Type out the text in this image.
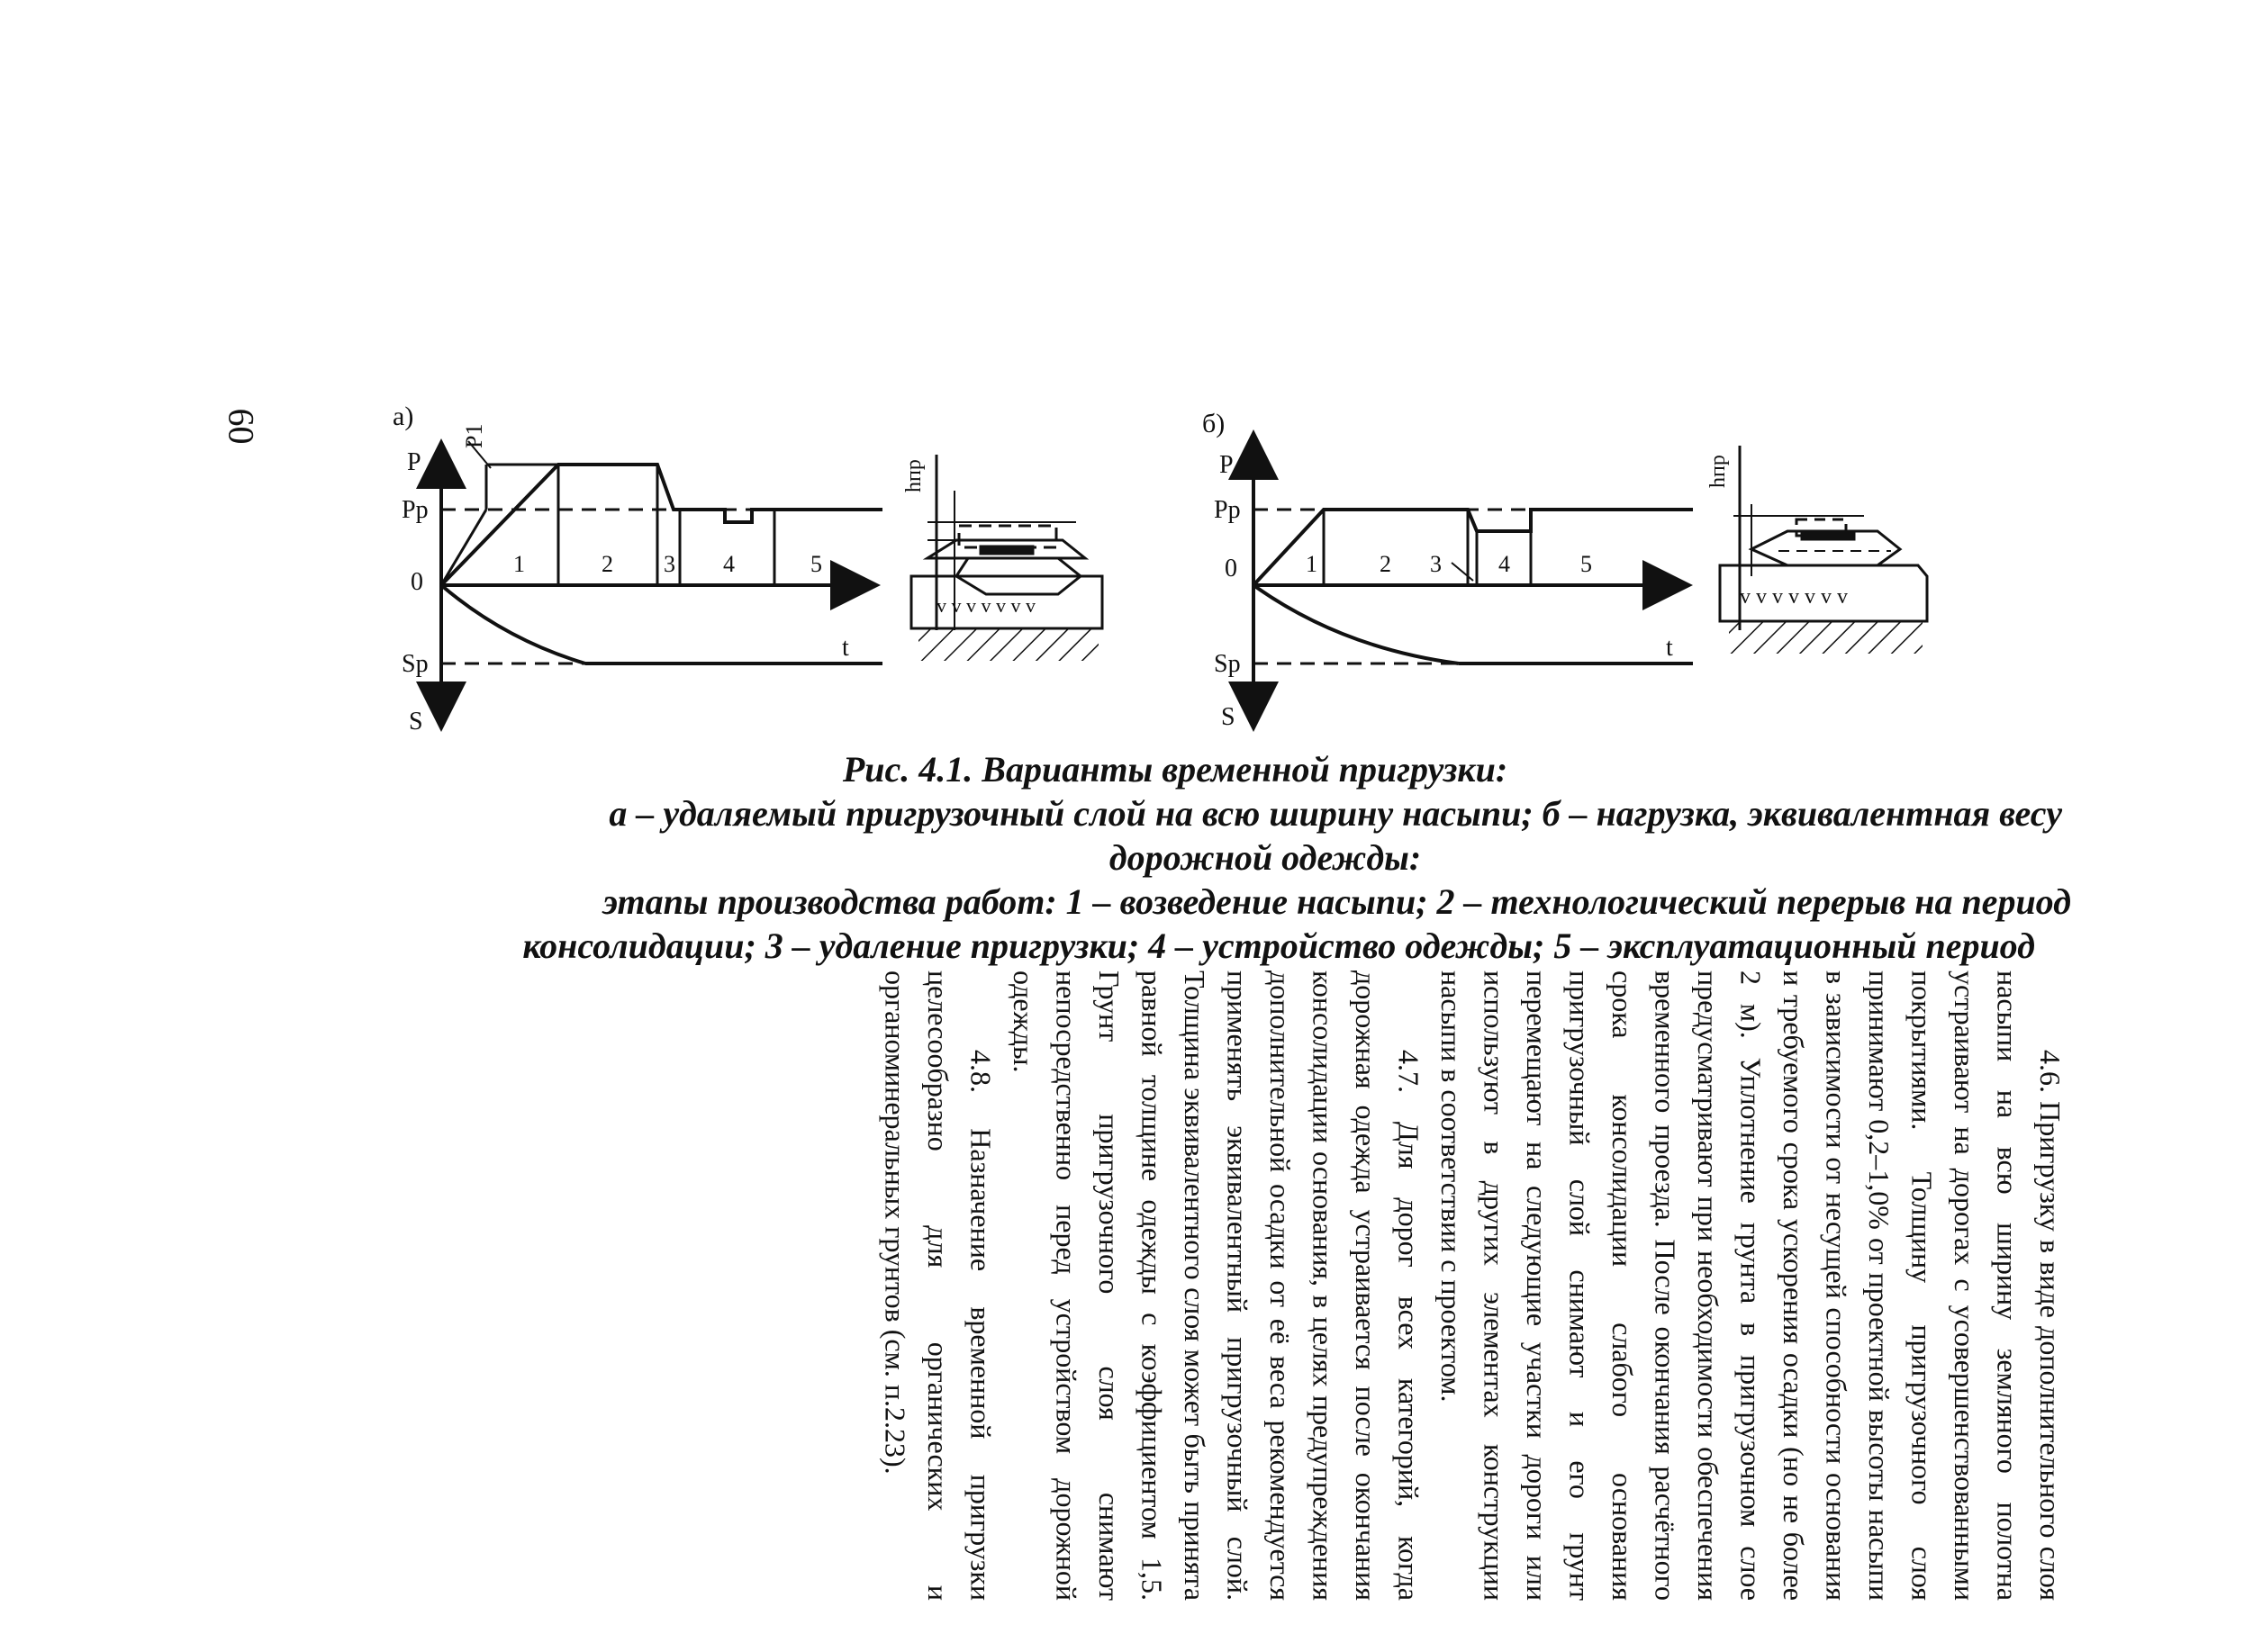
60	а)
P
P1
Pp
0
Sp
S
t
1	2 3 4	5
hпр
v v v v v v v
б)
P
Pp
0
Sp
S
t
1	2 3 4	5
hпр
v v v v v v v
Рис. 4.1. Варианты временной пригрузки:
а – удаляемый пригрузочный слой на всю ширину насыпи; б – нагрузка, эквивалентная весу
дорожной одежды:
этапы производства работ: 1 – возведение насыпи; 2 – технологический перерыв на период
консолидации; 3 – удаление пригрузки; 4 – устройство одежды; 5 – эксплуатационный период

4.6. Пригрузку в виде дополнительного слоя насыпи на всю ширину земляного полотна устраивают на дорогах с усовершенствованными покрытиями. Толщину пригрузочного слоя принимают 0,2–1,0% от проектной высоты насыпи в зависимости от несущей способности основания и требуемого срока ускорения осадки (но не более 2 м). Уплотнение грунта в пригрузочном слое предусматривают при необходимости обеспечения временного проезда. После окончания расчётного срока консолидации слабого основания пригрузочный слой снимают и его грунт перемещают на следующие участки дороги или используют в других элементах конструкции насыпи в соответствии с проектом.

4.7. Для дорог всех категорий, когда дорожная одежда устраивается после окончания консолидации основания, в целях предупреждения дополнительной осадки от её веса рекомендуется применять эквивалентный пригрузочный слой. Толщина эквивалентного слоя может быть принята равной толщине одежды с коэффициентом 1,5. Грунт пригрузочного слоя снимают непосредственно перед устройством дорожной одежды.

4.8. Назначение временной пригрузки целесообразно для органических и органоминеральных грунтов (см. п.2.23).
